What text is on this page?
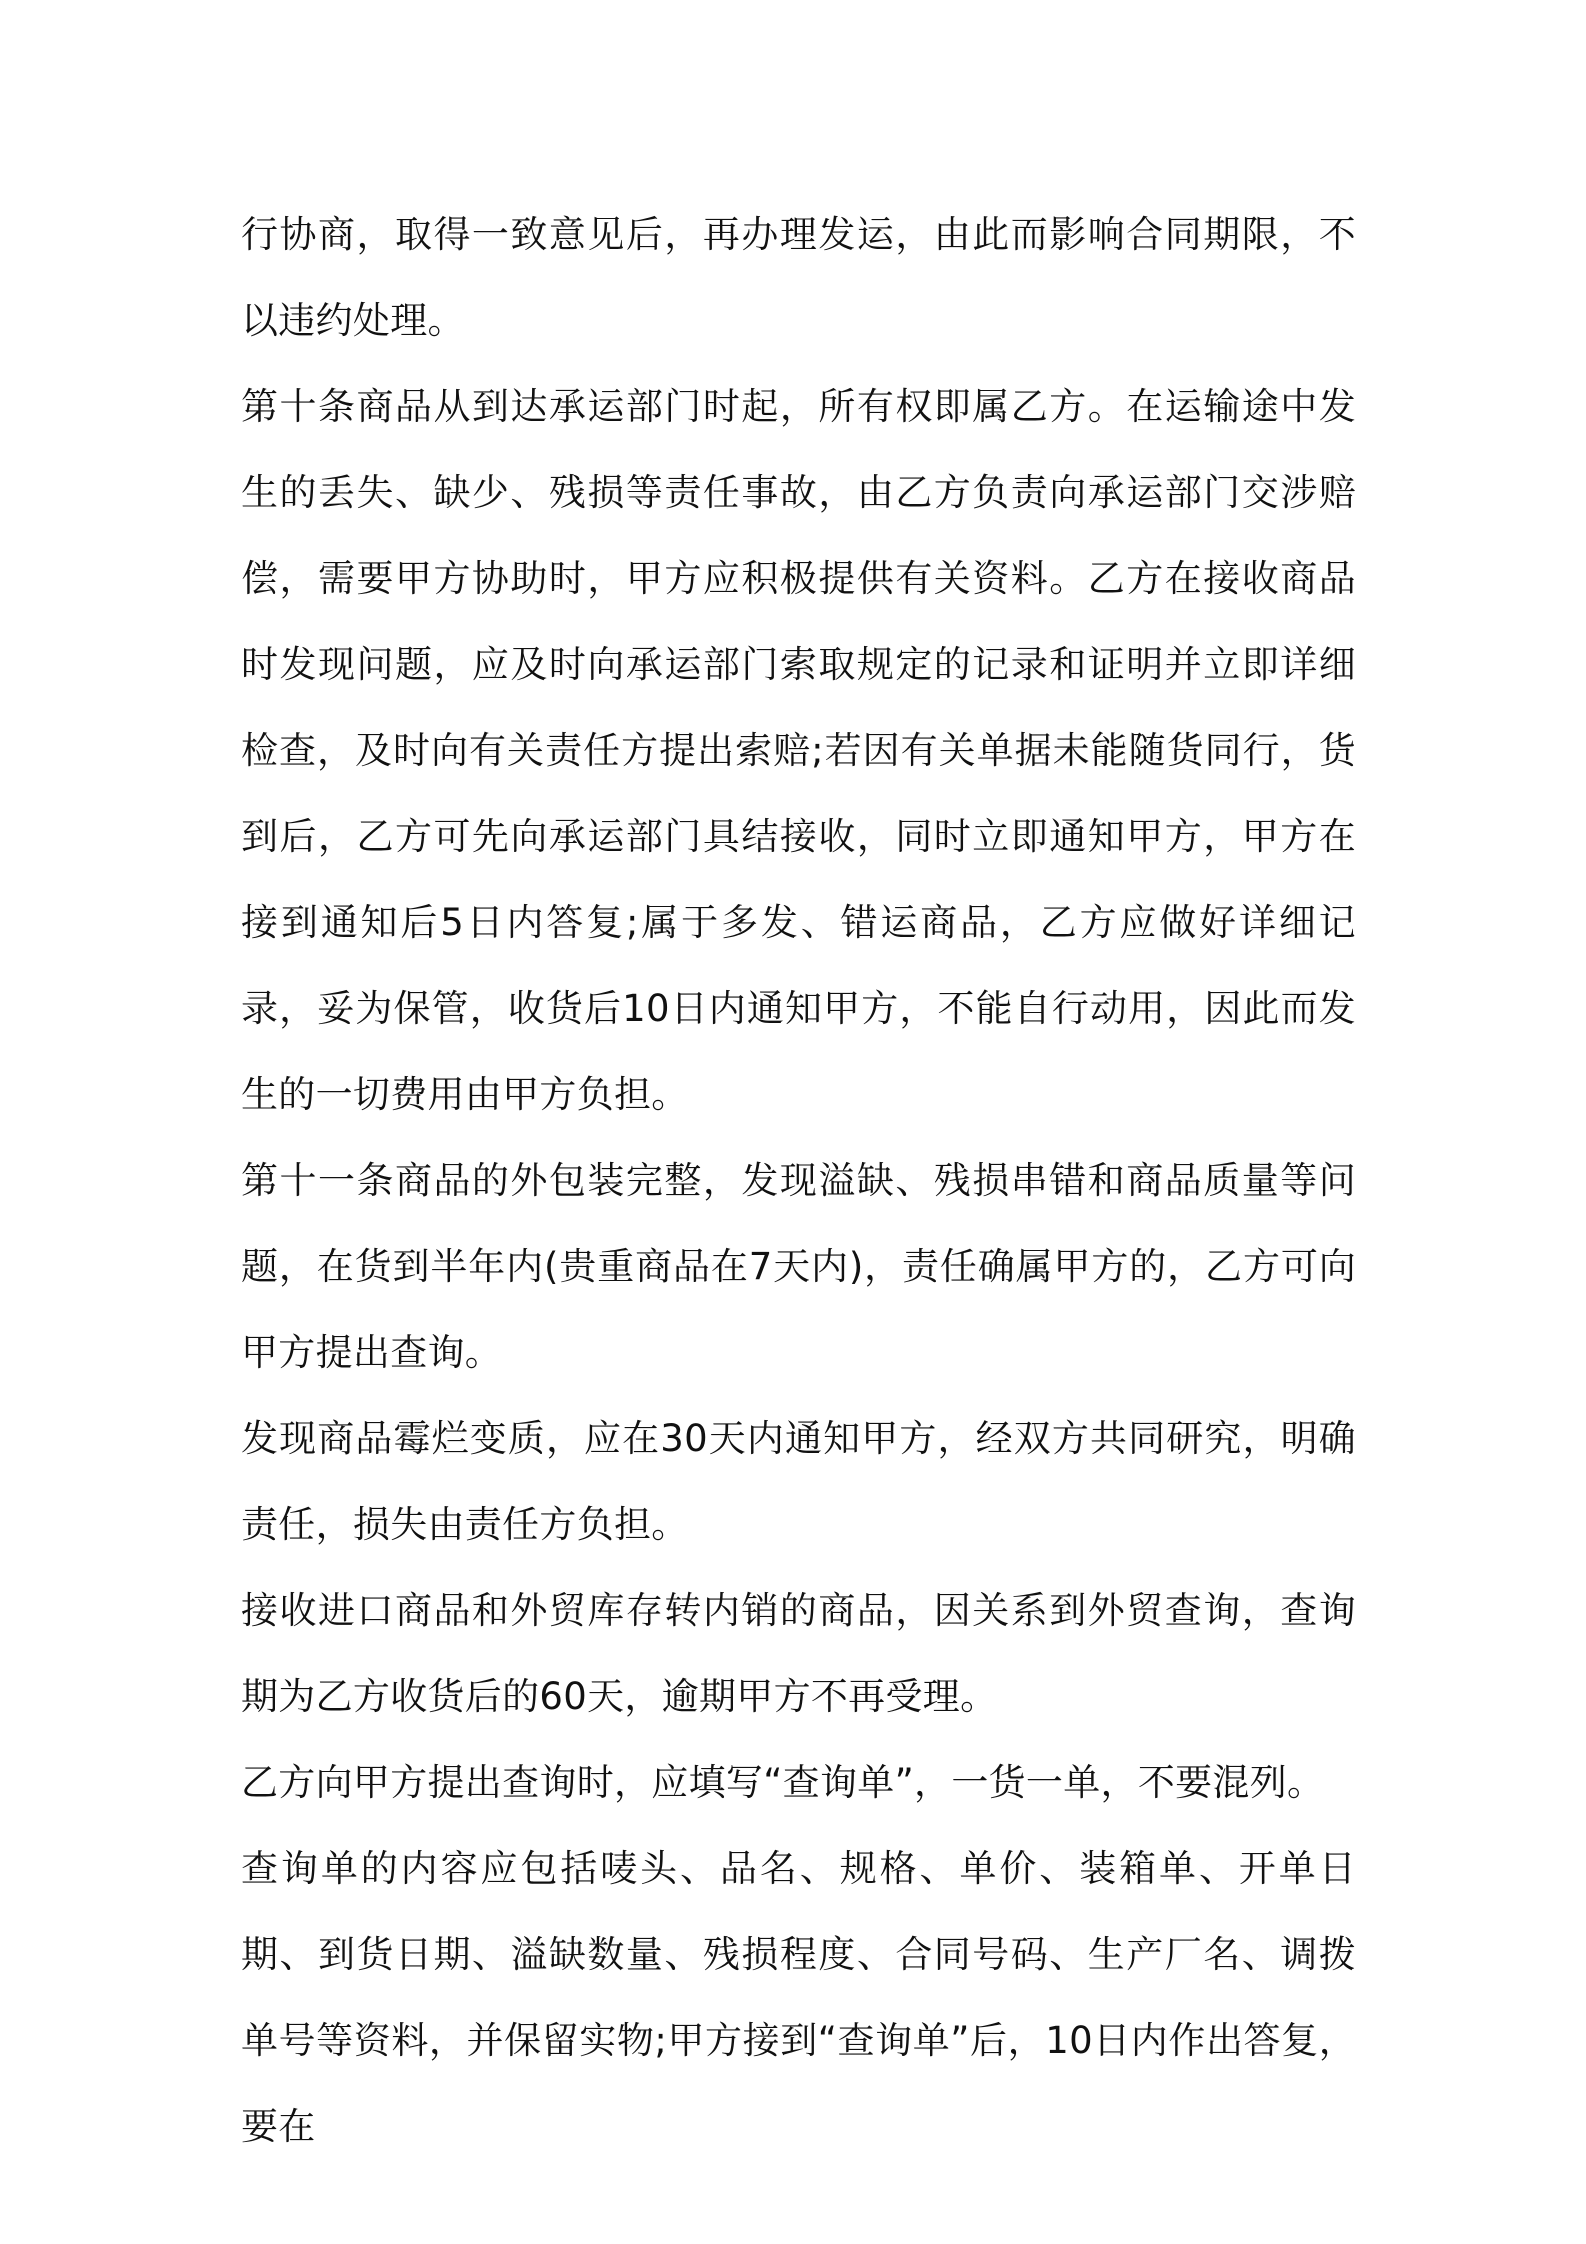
行协商，取得一致意见后，再办理发运，由此而影响合同期限，不以违约处理。

第十条商品从到达承运部门时起，所有权即属乙方。在运输途中发生的丢失、缺少、残损等责任事故，由乙方负责向承运部门交涉赔偿，需要甲方协助时，甲方应积极提供有关资料。乙方在接收商品时发现问题，应及时向承运部门索取规定的记录和证明并立即详细检查，及时向有关责任方提出索赔;若因有关单据未能随货同行，货到后，乙方可先向承运部门具结接收，同时立即通知甲方，甲方在接到通知后5日内答复;属于多发、错运商品，乙方应做好详细记录，妥为保管，收货后10日内通知甲方，不能自行动用，因此而发生的一切费用由甲方负担。

第十一条商品的外包装完整，发现溢缺、残损串错和商品质量等问题，在货到半年内(贵重商品在7天内)，责任确属甲方的，乙方可向甲方提出查询。

发现商品霉烂变质，应在30天内通知甲方，经双方共同研究，明确责任，损失由责任方负担。

接收进口商品和外贸库存转内销的商品，因关系到外贸查询，查询期为乙方收货后的60天，逾期甲方不再受理。

乙方向甲方提出查询时，应填写“查询单”，一货一单，不要混列。

查询单的内容应包括唛头、品名、规格、单价、装箱单、开单日期、到货日期、溢缺数量、残损程度、合同号码、生产厂名、调拨单号等资料，并保留实物;甲方接到“查询单”后，10日内作出答复，要在
